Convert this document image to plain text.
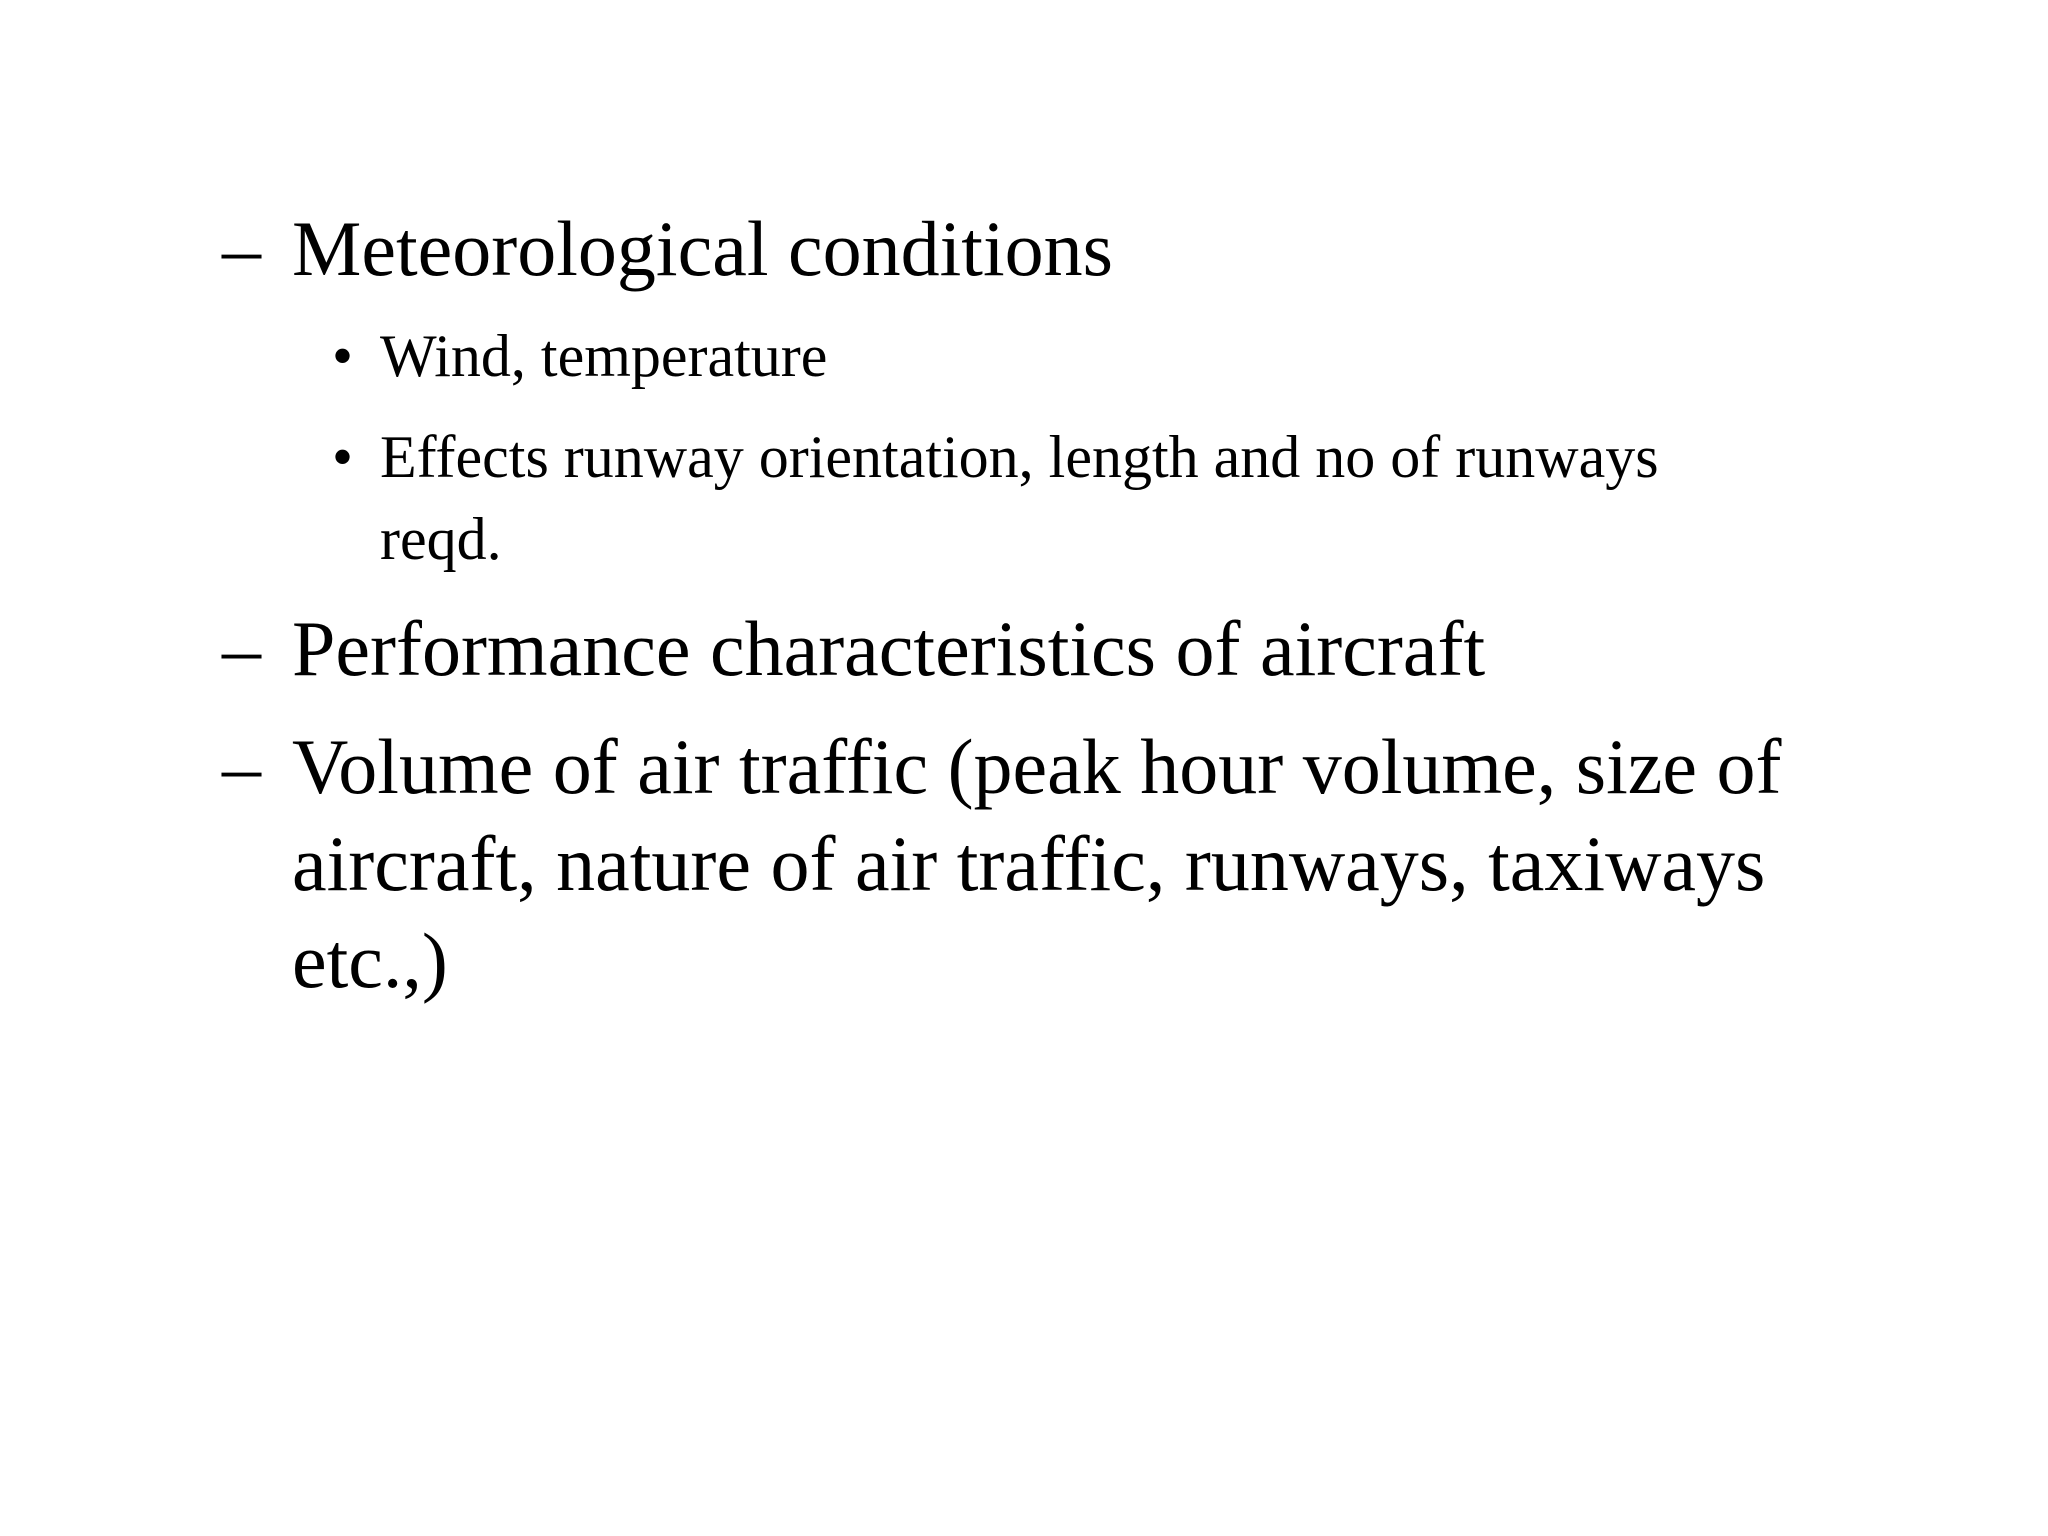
– Meteorological conditions
• Wind, temperature
• Effects runway orientation, length and no of runways
reqd.
– Performance characteristics of aircraft
– Volume of air traffic (peak hour volume, size of
aircraft, nature of air traffic, runways, taxiways
etc.,)
